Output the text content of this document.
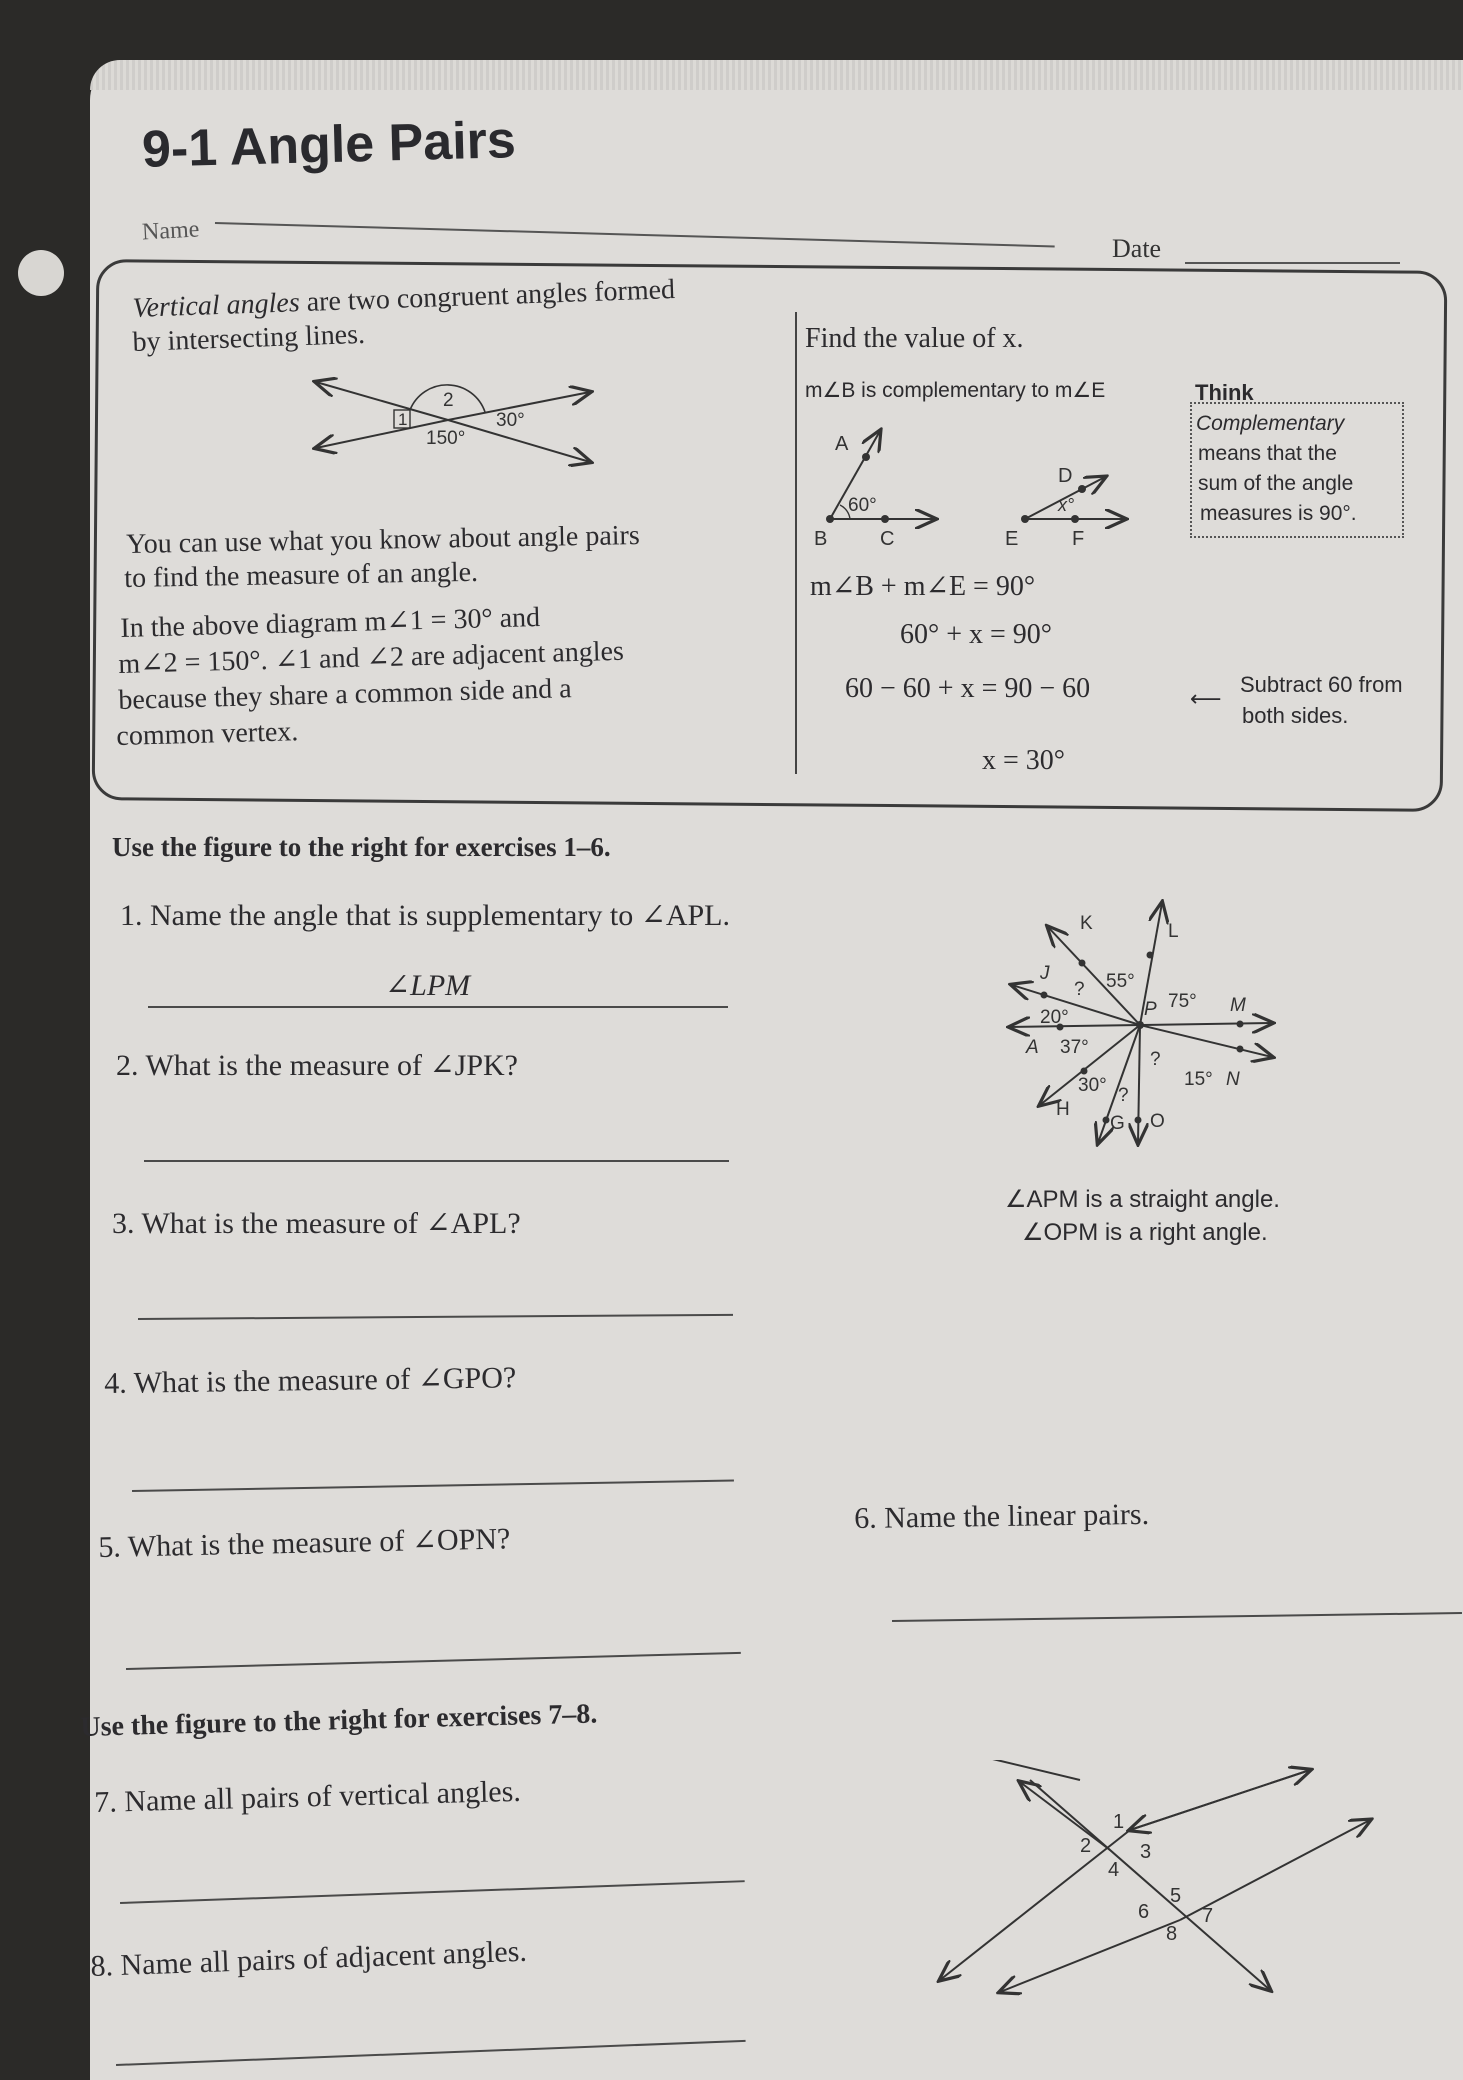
9-1 Angle Pairs
Name
Date
Vertical angles are two congruent angles formed
by intersecting lines.
1
2
30°
150°
You can use what you know about angle pairs
to find the measure of an angle.
In the above diagram m∠1 = 30° and
m∠2 = 150°. ∠1 and ∠2 are adjacent angles
because they share a common side and a
common vertex.
Find the value of x.
m∠B is complementary to m∠E
A
B	C
60°
D
E	F
x°
Think
Complementary
means that the
sum of the angle
measures is 90°.
m∠B + m∠E = 90°
60° + x = 90°
60 − 60 + x = 90 − 60	⟵
Subtract 60 from
both sides.
x = 30°
Use the figure to the right for exercises 1–6.
1. Name the angle that is supplementary to ∠APL.
∠LPM
2. What is the measure of ∠JPK?
3. What is the measure of ∠APL?
4. What is the measure of ∠GPO?
5. What is the measure of ∠OPN?
6. Name the linear pairs.
K	L
J
? 55°
75° M
20°	P
A 37°
?
15° N
30° ?
H
G O
∠APM is a straight angle.
∠OPM is a right angle.
Use the figure to the right for exercises 7–8.
7. Name all pairs of vertical angles.
8. Name all pairs of adjacent angles.
1
2 3
4
5
6	7
8
